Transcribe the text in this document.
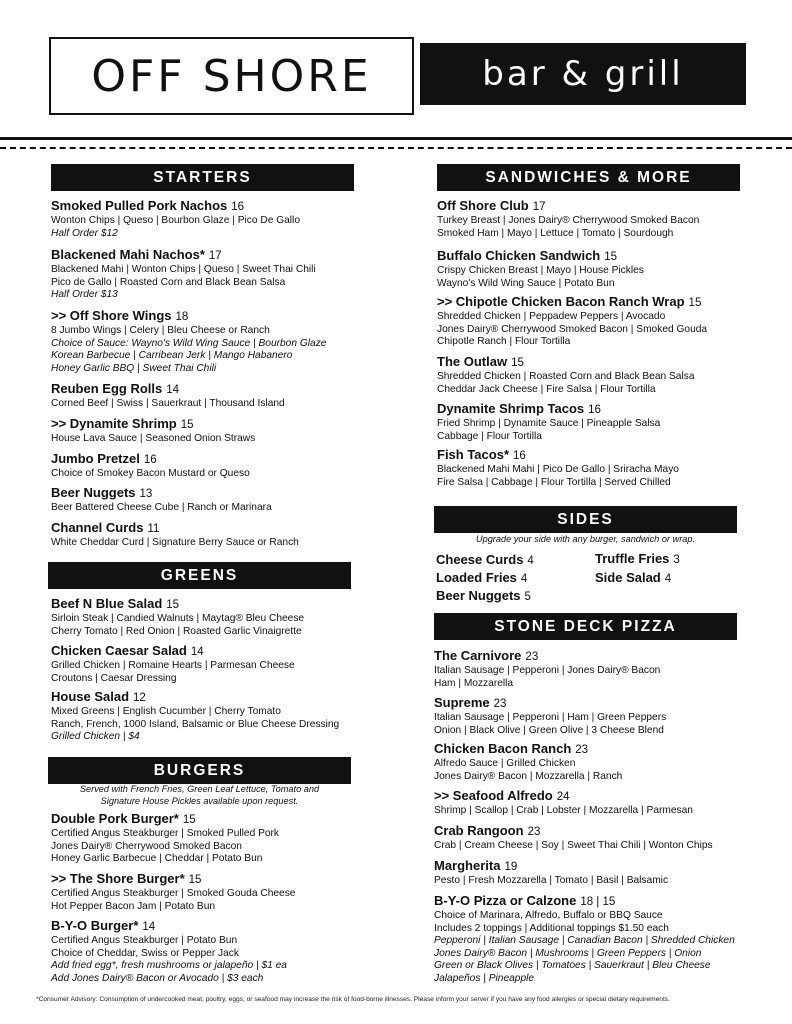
OFF SHORE	bar & grill
STARTERS	SANDWICHES & MORE
GREENS
SIDES
BURGERS
STONE DECK PIZZA
Served with French Fries, Green Leaf Lettuce, Tomato and
Signature House Pickles available upon request.
Upgrade your side with any burger, sandwich or wrap.
Cheese Curds 4	Truffle Fries 3
Loaded Fries 4	Side Salad 4
Beer Nuggets 5
*Consumer Advisory: Consumption of undercooked meat, poultry, eggs, or seafood may increase the risk of food-borne illnesses. Please inform your server if you have any food allergies or special dietary requirements.
Smoked Pulled Pork Nachos 16
Wonton Chips | Queso | Bourbon Glaze | Pico De Gallo
Half Order $12
Blackened Mahi Nachos* 17
Blackened Mahi | Wonton Chips | Queso | Sweet Thai Chili
Pico de Gallo | Roasted Corn and Black Bean Salsa
Half Order $13
>> Off Shore Wings 18
8 Jumbo Wings | Celery | Bleu Cheese or Ranch
Choice of Sauce: Wayno's Wild Wing Sauce | Bourbon Glaze
Korean Barbecue | Carribean Jerk | Mango Habanero
Honey Garlic BBQ | Sweet Thai Chili
Reuben Egg Rolls 14
Corned Beef | Swiss | Sauerkraut | Thousand Island
>> Dynamite Shrimp 15
House Lava Sauce | Seasoned Onion Straws
Jumbo Pretzel 16
Choice of Smokey Bacon Mustard or Queso
Beer Nuggets 13
Beer Battered Cheese Cube | Ranch or Marinara
Channel Curds 11
White Cheddar Curd | Signature Berry Sauce or Ranch
Beef N Blue Salad 15
Sirloin Steak | Candied Walnuts | Maytag® Bleu Cheese
Cherry Tomato | Red Onion | Roasted Garlic Vinaigrette
Chicken Caesar Salad 14
Grilled Chicken | Romaine Hearts | Parmesan Cheese
Croutons | Caesar Dressing
House Salad 12
Mixed Greens | English Cucumber | Cherry Tomato
Ranch, French, 1000 Island, Balsamic or Blue Cheese Dressing
Grilled Chicken | $4
Double Pork Burger* 15
Certified Angus Steakburger | Smoked Pulled Pork
Jones Dairy® Cherrywood Smoked Bacon
Honey Garlic Barbecue | Cheddar | Potato Bun
>> The Shore Burger* 15
Certified Angus Steakburger | Smoked Gouda Cheese
Hot Pepper Bacon Jam | Potato Bun
B-Y-O Burger* 14
Certified Angus Steakburger | Potato Bun
Choice of Cheddar, Swiss or Pepper Jack
Add fried egg*, fresh mushrooms or jalapeño | $1 ea
Add Jones Dairy® Bacon or Avocado | $3 each
Off Shore Club 17
Turkey Breast | Jones Dairy® Cherrywood Smoked Bacon
Smoked Ham | Mayo | Lettuce | Tomato | Sourdough
Buffalo Chicken Sandwich 15
Crispy Chicken Breast | Mayo | House Pickles
Wayno's Wild Wing Sauce | Potato Bun
>> Chipotle Chicken Bacon Ranch Wrap 15
Shredded Chicken | Peppadew Peppers | Avocado
Jones Dairy® Cherrywood Smoked Bacon | Smoked Gouda
Chipotle Ranch | Flour Tortilla
The Outlaw 15
Shredded Chicken | Roasted Corn and Black Bean Salsa
Cheddar Jack Cheese | Fire Salsa | Flour Tortilla
Dynamite Shrimp Tacos 16
Fried Shrimp | Dynamite Sauce | Pineapple Salsa
Cabbage | Flour Tortilla
Fish Tacos* 16
Blackened Mahi Mahi | Pico De Gallo | Sriracha Mayo
Fire Salsa | Cabbage | Flour Tortilla | Served Chilled
The Carnivore 23
Italian Sausage | Pepperoni | Jones Dairy® Bacon
Ham | Mozzarella
Supreme 23
Italian Sausage | Pepperoni | Ham | Green Peppers
Onion | Black Olive | Green Olive | 3 Cheese Blend
Chicken Bacon Ranch 23
Alfredo Sauce | Grilled Chicken
Jones Dairy® Bacon | Mozzarella | Ranch
>> Seafood Alfredo 24
Shrimp | Scallop | Crab | Lobster | Mozzarella | Parmesan
Crab Rangoon 23
Crab | Cream Cheese | Soy | Sweet Thai Chili | Wonton Chips
Margherita 19
Pesto | Fresh Mozzarella | Tomato | Basil | Balsamic
B-Y-O Pizza or Calzone 18 | 15
Choice of Marinara, Alfredo, Buffalo or BBQ Sauce
Includes 2 toppings | Additional toppings $1.50 each
Pepperoni | Italian Sausage | Canadian Bacon | Shredded Chicken
Jones Dairy® Bacon | Mushrooms | Green Peppers | Onion
Green or Black Olives | Tomatoes | Sauerkraut | Bleu Cheese
Jalapeños | Pineapple
